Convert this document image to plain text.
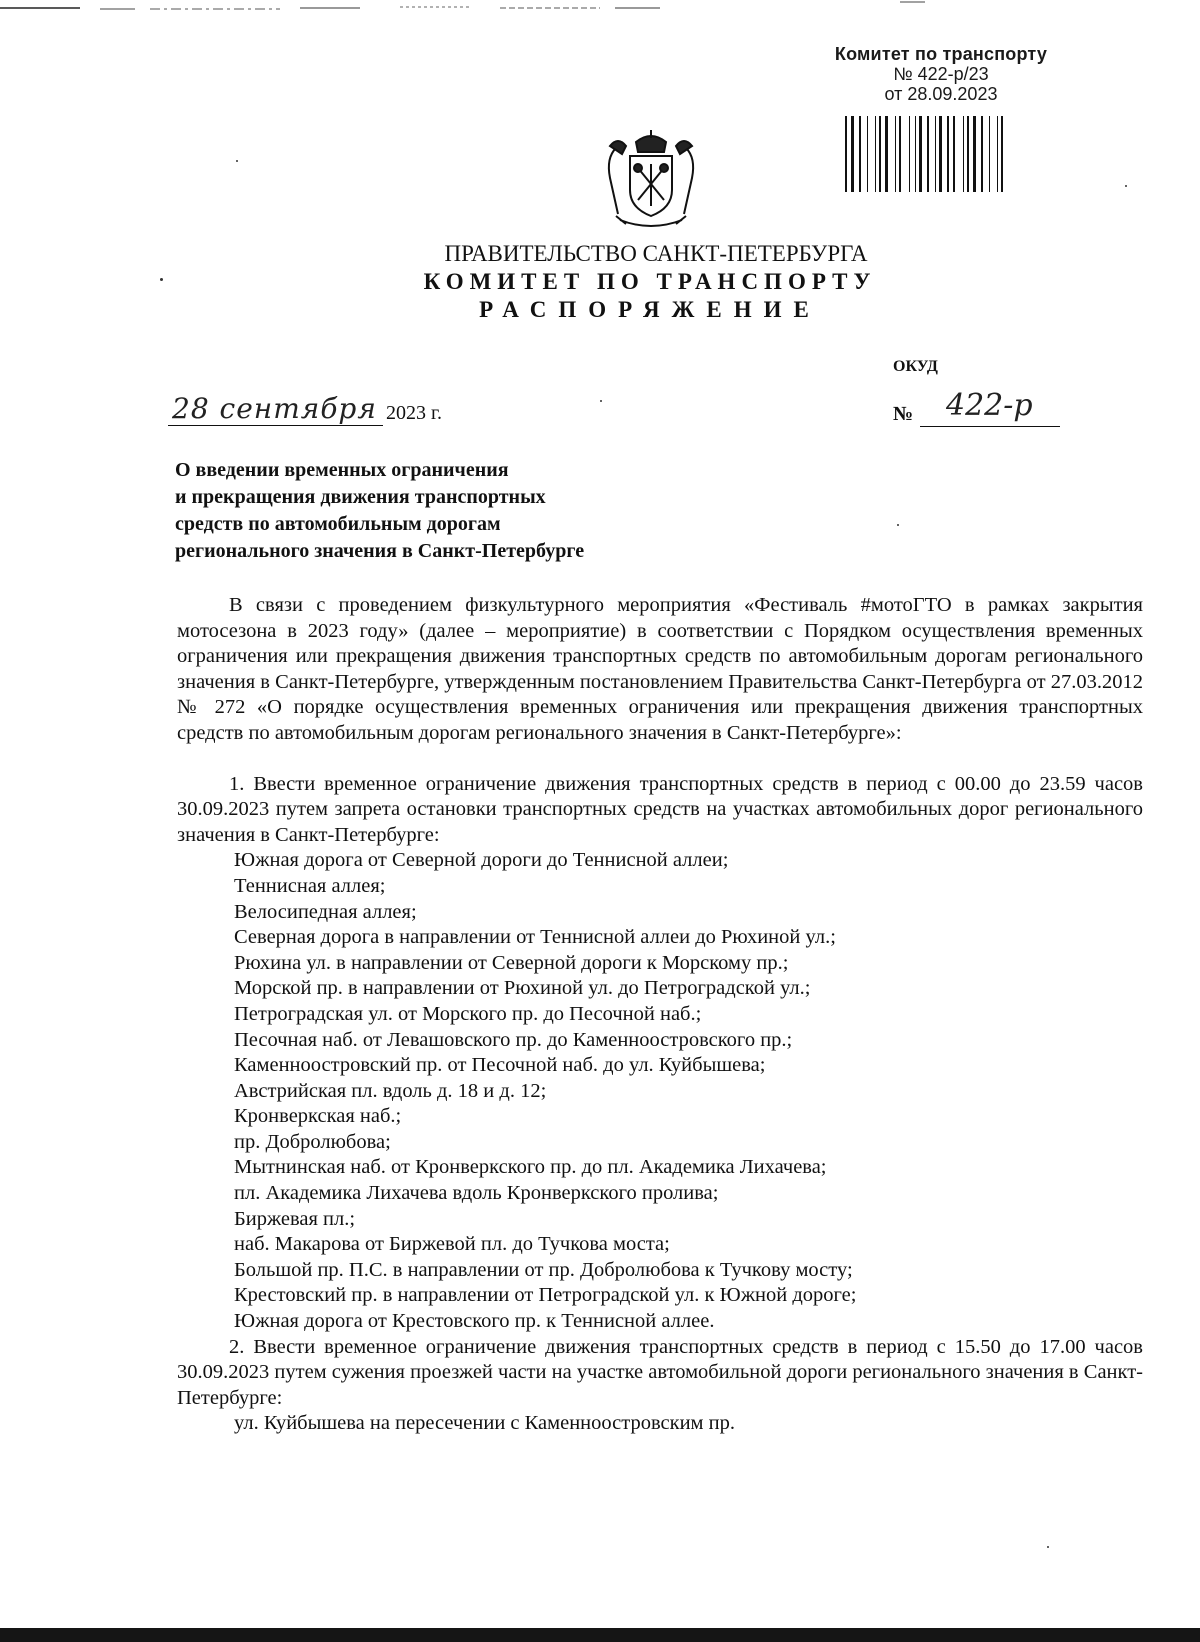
Комитет по транспорту
№ 422-р/23
от 28.09.2023
ПРАВИТЕЛЬСТВО САНКТ-ПЕТЕРБУРГА
КОМИТЕТ ПО ТРАНСПОРТУ
РАСПОРЯЖЕНИЕ
ОКУД
28 сентября 2023 г.	№ 422-р
О введении временных ограничения
и прекращения движения транспортных
средств по автомобильным дорогам
регионального значения в Санкт-Петербурге

В связи с проведением физкультурного мероприятия «Фестиваль #мотоГТО в рамках закрытия мотосезона в 2023 году» (далее – мероприятие) в соответствии с Порядком осуществления временных ограничения или прекращения движения транспортных средств по автомобильным дорогам регионального значения в Санкт-Петербурге, утвержденным постановлением Правительства Санкт-Петербурга от 27.03.2012 № 272 «О порядке осуществления временных ограничения или прекращения движения транспортных средств по автомобильным дорогам регионального значения в Санкт-Петербурге»:

1. Ввести временное ограничение движения транспортных средств в период с 00.00 до 23.59 часов 30.09.2023 путем запрета остановки транспортных средств на участках автомобильных дорог регионального значения в Санкт-Петербурге:

Южная дорога от Северной дороги до Теннисной аллеи;
Теннисная аллея;
Велосипедная аллея;
Северная дорога в направлении от Теннисной аллеи до Рюхиной ул.;
Рюхина ул. в направлении от Северной дороги к Морскому пр.;
Морской пр. в направлении от Рюхиной ул. до Петроградской ул.;
Петроградская ул. от Морского пр. до Песочной наб.;
Песочная наб. от Левашовского пр. до Каменноостровского пр.;
Каменноостровский пр. от Песочной наб. до ул. Куйбышева;
Австрийская пл. вдоль д. 18 и д. 12;
Кронверкская наб.;
пр. Добролюбова;
Мытнинская наб. от Кронверкского пр. до пл. Академика Лихачева;
пл. Академика Лихачева вдоль Кронверкского пролива;
Биржевая пл.;
наб. Макарова от Биржевой пл. до Тучкова моста;
Большой пр. П.С. в направлении от пр. Добролюбова к Тучкову мосту;
Крестовский пр. в направлении от Петроградской ул. к Южной дороге;
Южная дорога от Крестовского пр. к Теннисной аллее.

2. Ввести временное ограничение движения транспортных средств в период с 15.50 до 17.00 часов 30.09.2023 путем сужения проезжей части на участке автомобильной дороги регионального значения в Санкт-Петербурге:

ул. Куйбышева на пересечении с Каменноостровским пр.
